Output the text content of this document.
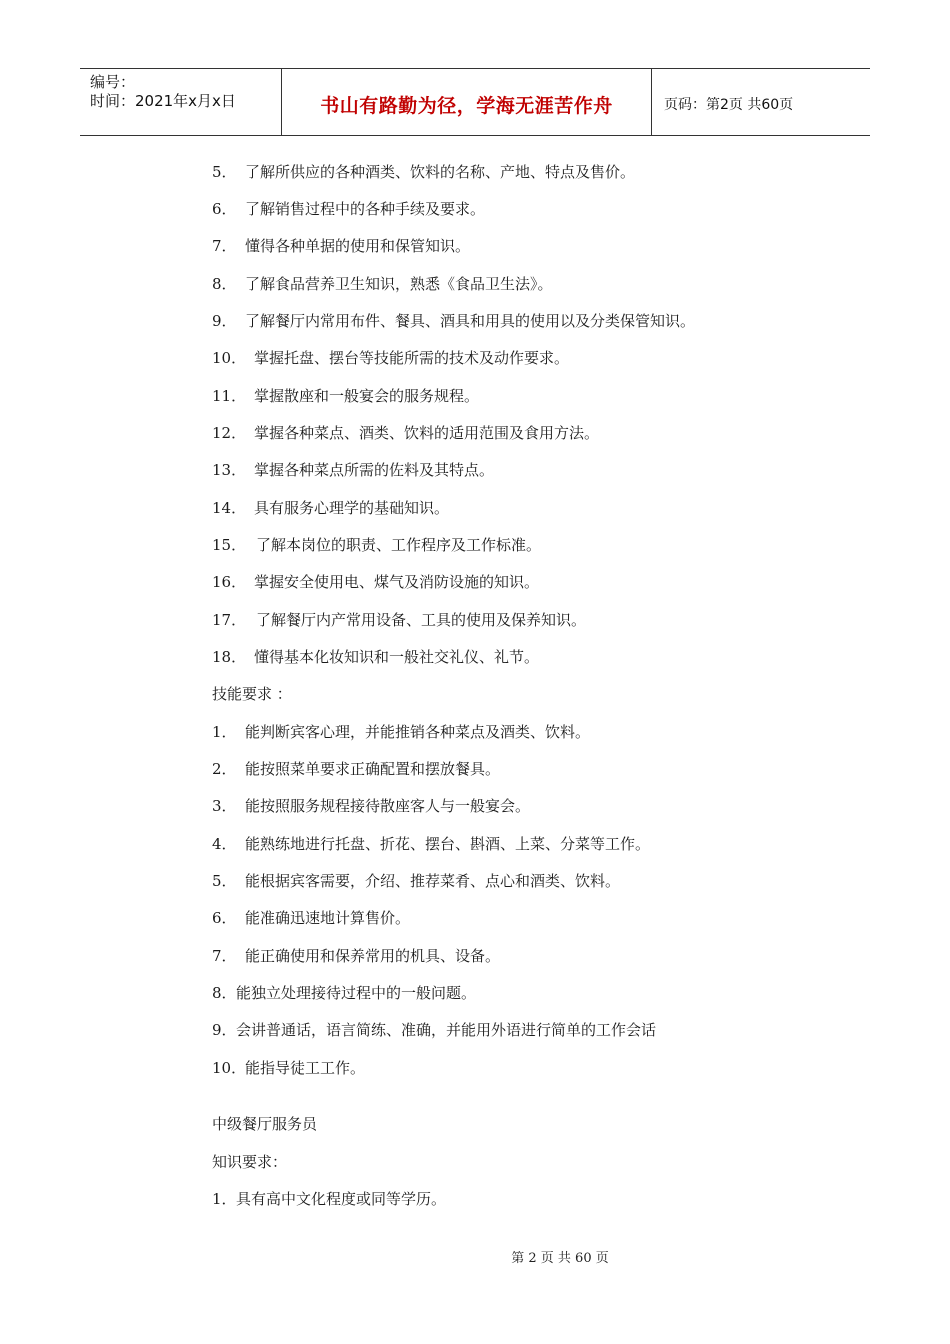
编号：
时间：2021年x月x日	书山有路勤为径，学海无涯苦作舟	页码：第2页 共60页
5． 了解所供应的各种酒类、饮料的名称、产地、特点及售价。
6． 了解销售过程中的各种手续及要求。
7． 懂得各种单据的使用和保管知识。
8． 了解食品营养卫生知识，熟悉《食品卫生法》。
9． 了解餐厅内常用布件、餐具、酒具和用具的使用以及分类保管知识。
10． 掌握托盘、摆台等技能所需的技术及动作要求。
11． 掌握散座和一般宴会的服务规程。
12． 掌握各种菜点、酒类、饮料的适用范围及食用方法。
13． 掌握各种菜点所需的佐料及其特点。
14． 具有服务心理学的基础知识。
15． 了解本岗位的职责、工作程序及工作标准。
16． 掌握安全使用电、煤气及消防设施的知识。
17． 了解餐厅内产常用设备、工具的使用及保养知识。
18． 懂得基本化妆知识和一般社交礼仪、礼节。
技能要求 ：
1． 能判断宾客心理，并能推销各种菜点及酒类、饮料。
2． 能按照菜单要求正确配置和摆放餐具。
3． 能按照服务规程接待散座客人与一般宴会。
4． 能熟练地进行托盘、折花、摆台、斟酒、上菜、分菜等工作。
5． 能根据宾客需要，介绍、推荐菜肴、点心和酒类、饮料。
6． 能准确迅速地计算售价。
7． 能正确使用和保养常用的机具、设备。
8．能独立处理接待过程中的一般问题。
9．会讲普通话，语言简练、准确，并能用外语进行简单的工作会话
10．能指导徒工工作。
中级餐厅服务员
知识要求：
1．具有高中文化程度或同等学历。
第 2 页 共 60 页
